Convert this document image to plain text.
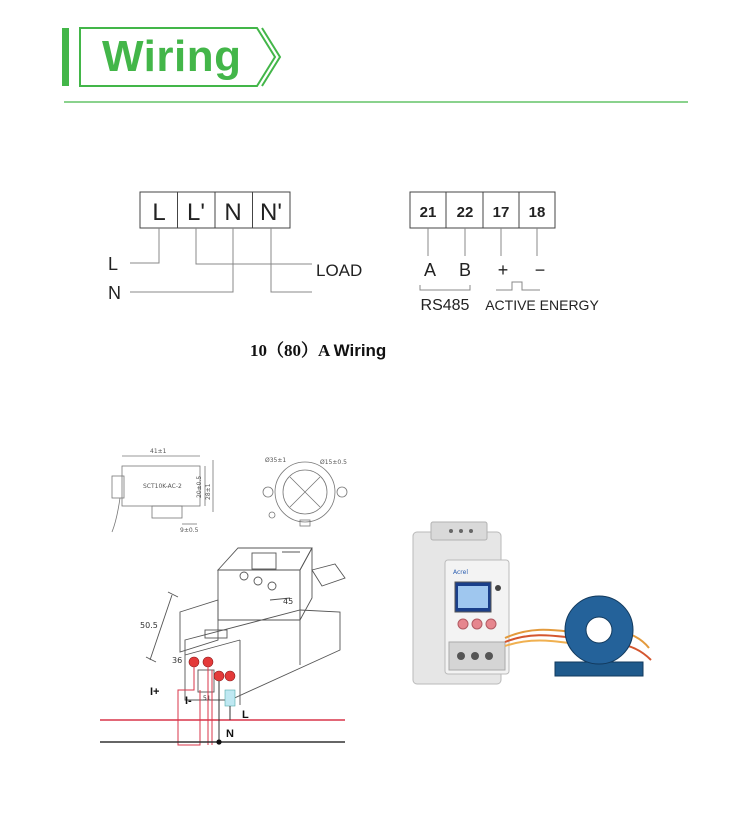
Wiring
L L' N N'
L
N
LOAD
21 22 17 18
A B + −
RS485 ACTIVE ENERGY
41±1
SCT10K-AC-2 20±0.5 28±1
9±0.5
Ø35±1	Ø15±0.5
50.5
45
36
51
I+
I-
L
N
10（80）A Wiring
Acrel
